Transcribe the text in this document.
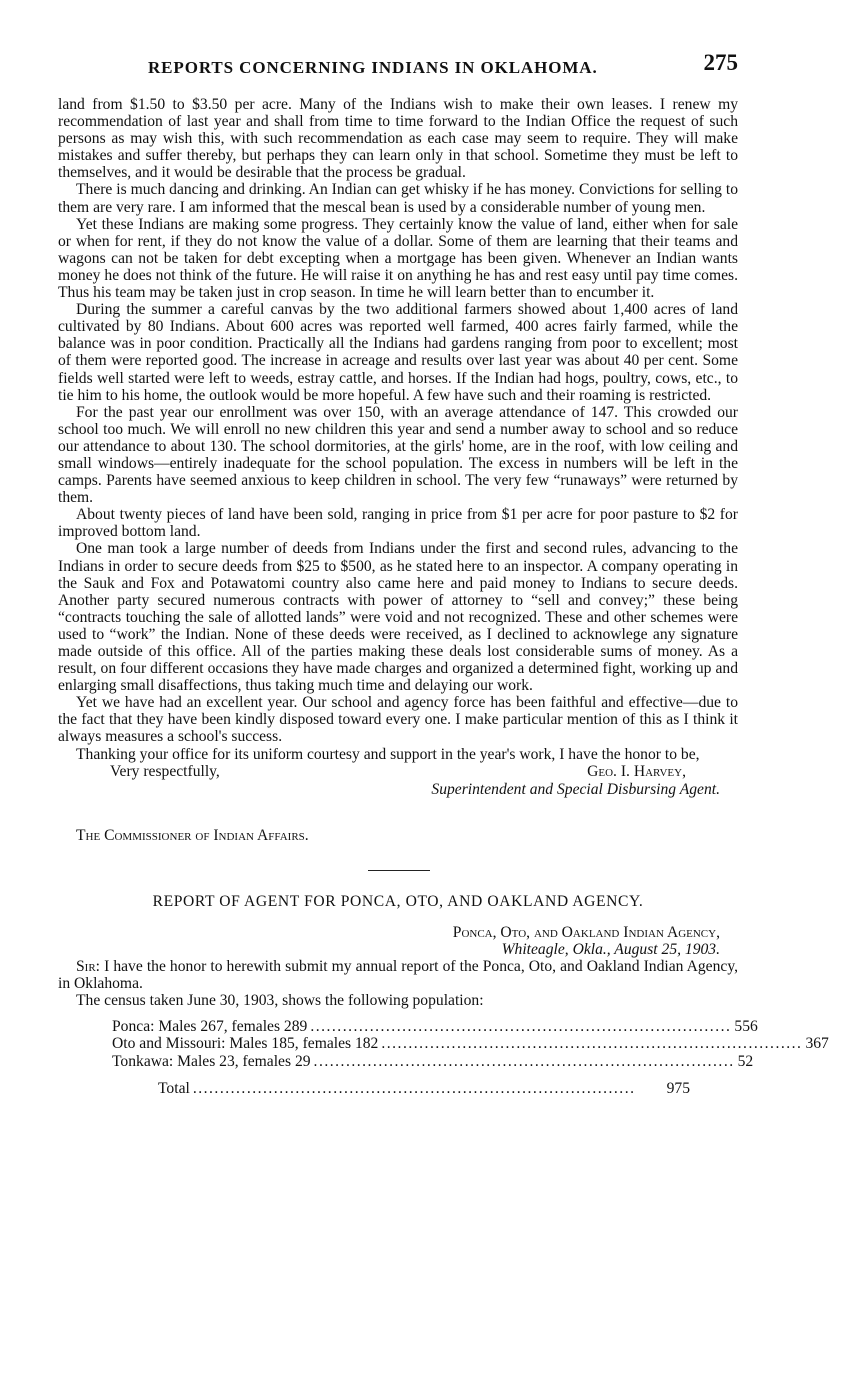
REPORTS CONCERNING INDIANS IN OKLAHOMA.	275

land from $1.50 to $3.50 per acre. Many of the Indians wish to make their own leases. I renew my recommendation of last year and shall from time to time forward to the Indian Office the request of such persons as may wish this, with such recommendation as each case may seem to require. They will make mistakes and suffer thereby, but perhaps they can learn only in that school. Sometime they must be left to themselves, and it would be desirable that the process be gradual.

There is much dancing and drinking. An Indian can get whisky if he has money. Convictions for selling to them are very rare. I am informed that the mescal bean is used by a considerable number of young men.

Yet these Indians are making some progress. They certainly know the value of land, either when for sale or when for rent, if they do not know the value of a dollar. Some of them are learning that their teams and wagons can not be taken for debt excepting when a mortgage has been given. Whenever an Indian wants money he does not think of the future. He will raise it on anything he has and rest easy until pay time comes. Thus his team may be taken just in crop season. In time he will learn better than to encumber it.

During the summer a careful canvas by the two additional farmers showed about 1,400 acres of land cultivated by 80 Indians. About 600 acres was reported well farmed, 400 acres fairly farmed, while the balance was in poor condition. Practically all the Indians had gardens ranging from poor to excellent; most of them were reported good. The increase in acreage and results over last year was about 40 per cent. Some fields well started were left to weeds, estray cattle, and horses. If the Indian had hogs, poultry, cows, etc., to tie him to his home, the outlook would be more hopeful. A few have such and their roaming is restricted.

For the past year our enrollment was over 150, with an average attendance of 147. This crowded our school too much. We will enroll no new children this year and send a number away to school and so reduce our attendance to about 130. The school dormitories, at the girls' home, are in the roof, with low ceiling and small windows—entirely inadequate for the school population. The excess in numbers will be left in the camps. Parents have seemed anxious to keep children in school. The very few “runaways” were returned by them.

About twenty pieces of land have been sold, ranging in price from $1 per acre for poor pasture to $2 for improved bottom land.

One man took a large number of deeds from Indians under the first and second rules, advancing to the Indians in order to secure deeds from $25 to $500, as he stated here to an inspector. A company operating in the Sauk and Fox and Potawatomi country also came here and paid money to Indians to secure deeds. Another party secured numerous contracts with power of attorney to “sell and convey;” these being “contracts touching the sale of allotted lands” were void and not recognized. These and other schemes were used to “work” the Indian. None of these deeds were received, as I declined to acknowlege any signature made outside of this office. All of the parties making these deals lost considerable sums of money. As a result, on four different occasions they have made charges and organized a determined fight, working up and enlarging small disaffections, thus taking much time and delaying our work.

Yet we have had an excellent year. Our school and agency force has been faithful and effective—due to the fact that they have been kindly disposed toward every one. I make particular mention of this as I think it always measures a school's success.

Thanking your office for its uniform courtesy and support in the year's work, I have the honor to be,

Very respectfully,	Geo. I. Harvey,
Superintendent and Special Disbursing Agent.
The Commissioner of Indian Affairs.
REPORT OF AGENT FOR PONCA, OTO, AND OAKLAND AGENCY.
Ponca, Oto, and Oakland Indian Agency,
Whiteagle, Okla., August 25, 1903.

Sir: I have the honor to herewith submit my annual report of the Ponca, Oto, and Oakland Indian Agency, in Oklahoma.

The census taken June 30, 1903, shows the following population:

Ponca: Males 267, females 289 .............................................................................. 556
Oto and Missouri: Males 185, females 182 .............................................................................. 367
Tonkawa: Males 23, females 29 .............................................................................. 52
Total ..................................................................................	975
